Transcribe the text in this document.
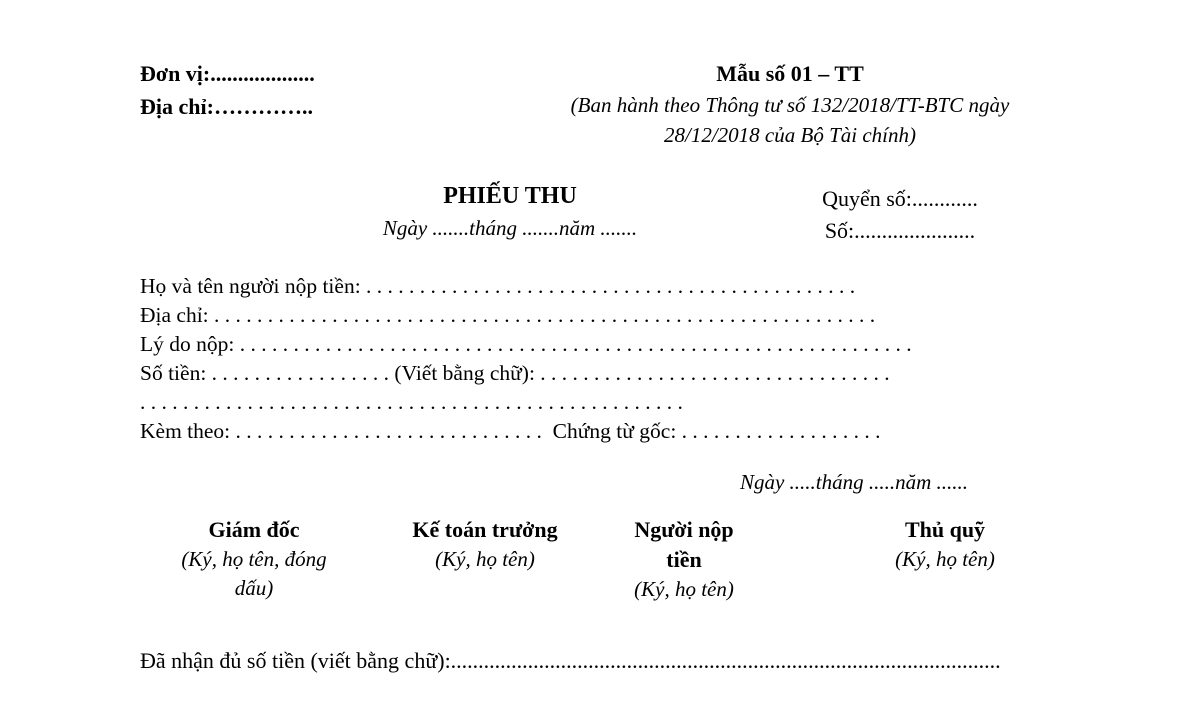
Đơn vị:...................
Địa chỉ:…………..
Mẫu số 01 – TT
(Ban hành theo Thông tư số 132/2018/TT-BTC ngày
28/12/2018 của Bộ Tài chính)
PHIẾU THU
Ngày .......tháng .......năm .......
Quyển số:............
Số:......................
Họ và tên người nộp tiền: . . . . . . . . . . . . . . . . . . . . . . . . . . . . . . . . . . . . . . . . . . . . . .
Địa chỉ: . . . . . . . . . . . . . . . . . . . . . . . . . . . . . . . . . . . . . . . . . . . . . . . . . . . . . . . . . . . . . .
Lý do nộp: . . . . . . . . . . . . . . . . . . . . . . . . . . . . . . . . . . . . . . . . . . . . . . . . . . . . . . . . . . . . . . .
Số tiền: . . . . . . . . . . . . . . . . . (Viết bằng chữ): . . . . . . . . . . . . . . . . . . . . . . . . . . . . . . . . .
. . . . . . . . . . . . . . . . . . . . . . . . . . . . . . . . . . . . . . . . . . . . . . . . . . .
Kèm theo: . . . . . . . . . . . . . . . . . . . . . . . . . . . . .  Chứng từ gốc: . . . . . . . . . . . . . . . . . . .
Ngày .....tháng .....năm ......
Giám đốc
(Ký, họ tên, đóng dấu)
Kế toán trưởng
(Ký, họ tên)
Người nộp tiền
(Ký, họ tên)
Thủ quỹ
(Ký, họ tên)
Đã nhận đủ số tiền (viết bằng chữ):....................................................................................................
